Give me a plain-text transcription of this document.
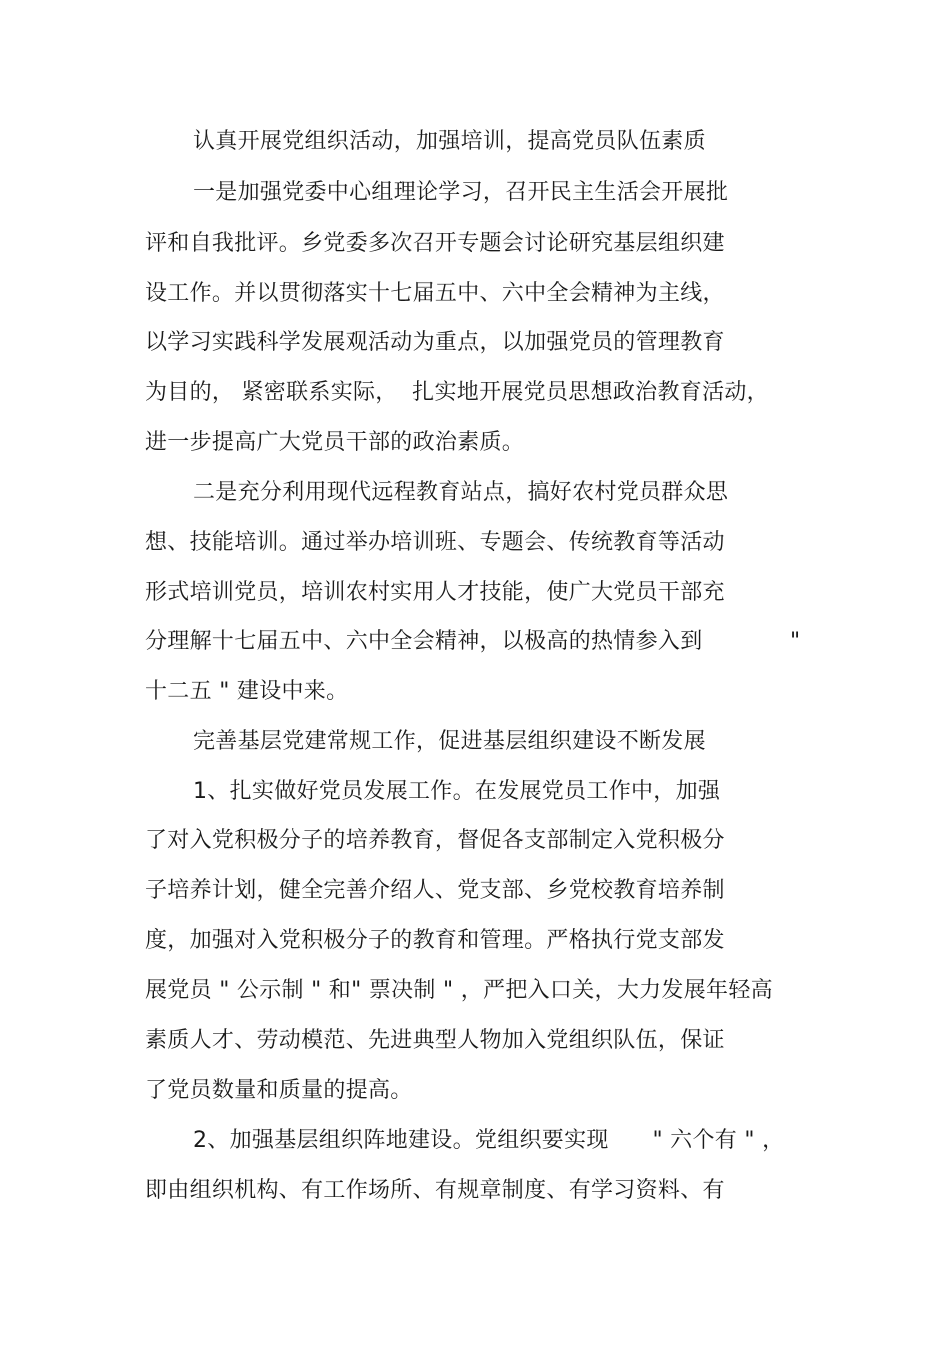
认真开展党组织活动，加强培训，提高党员队伍素质
一是加强党委中心组理论学习，召开民主生活会开展批
评和自我批评。乡党委多次召开专题会讨论研究基层组织建
设工作。并以贯彻落实十七届五中、六中全会精神为主线，
以学习实践科学发展观活动为重点，以加强党员的管理教育
为目的， 紧密联系实际，  扎实地开展党员思想政治教育活动，
进一步提高广大党员干部的政治素质。
二是充分利用现代远程教育站点，搞好农村党员群众思
想、技能培训。通过举办培训班、专题会、传统教育等活动
形式培训党员，培训农村实用人才技能，使广大党员干部充
分理解十七届五中、六中全会精神，以极高的热情参入到            "
十二五 " 建设中来。
完善基层党建常规工作，促进基层组织建设不断发展
1、扎实做好党员发展工作。在发展党员工作中，加强
了对入党积极分子的培养教育，督促各支部制定入党积极分
子培养计划，健全完善介绍人、党支部、乡党校教育培养制
度，加强对入党积极分子的教育和管理。严格执行党支部发
展党员 " 公示制 " 和" 票决制 " ，严把入口关，大力发展年轻高
素质人才、劳动模范、先进典型人物加入党组织队伍，保证
了党员数量和质量的提高。
2、加强基层组织阵地建设。党组织要实现      " 六个有 " ，
即由组织机构、有工作场所、有规章制度、有学习资料、有
